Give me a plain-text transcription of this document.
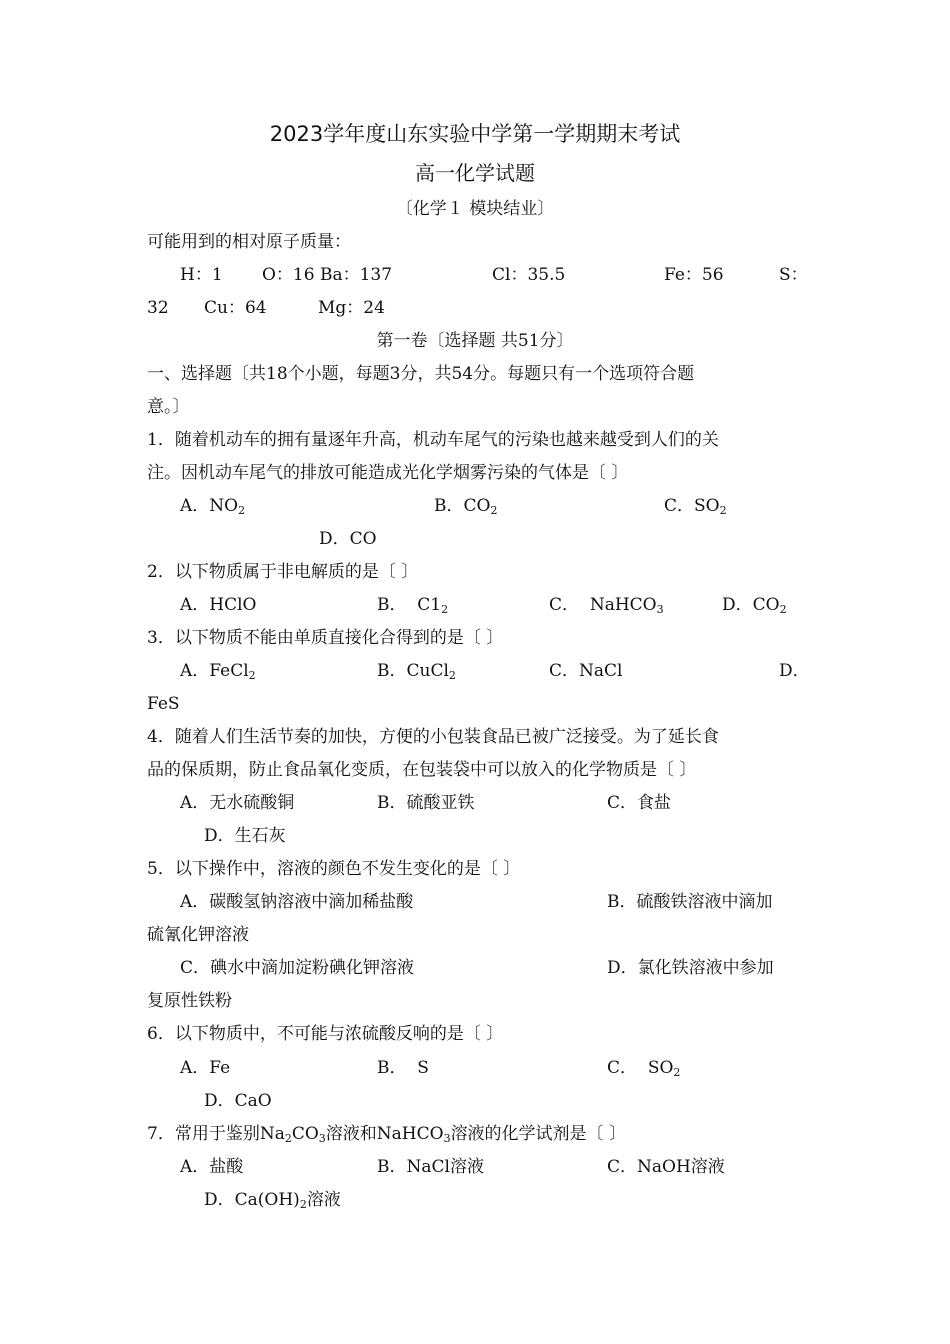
2023学年度山东实验中学第一学期期末考试
高一化学试题
〔化学１ 模块结业〕
可能用到的相对原子质量：
H：1 O：16 Ba：137	Cl：35.5	Fe：56	S：
32 Cu：64	Mg：24
第一卷〔选择题 共51分〕
一、选择题〔共18个小题，每题3分，共54分。每题只有一个选项符合题
意。〕
1．随着机动车的拥有量逐年升高，机动车尾气的污染也越来越受到人们的关
注。因机动车尾气的排放可能造成光化学烟雾污染的气体是〔 〕
A．$NO_2$	B．$CO_2$	C．$SO_2$
D．CO
2．以下物质属于非电解质的是〔 〕
A．HClO	B．  $C1_2$	C．  NaHCO$_3$	D．$CO_2$
3．以下物质不能由单质直接化合得到的是〔 〕
A．FeCl$_2$	B．CuCl$_2$	C．NaCl	D．
FeS
4．随着人们生活节奏的加快，方便的小包装食品已被广泛接受。为了延长食
品的保质期，防止食品氧化变质，在包装袋中可以放入的化学物质是〔 〕
A．无水硫酸铜	B．硫酸亚铁	C．食盐
D．生石灰
5．以下操作中，溶液的颜色不发生变化的是〔 〕
A．碳酸氢钠溶液中滴加稀盐酸	B．硫酸铁溶液中滴加
硫氰化钾溶液
C．碘水中滴加淀粉碘化钾溶液	D．氯化铁溶液中参加
复原性铁粉
6．以下物质中，不可能与浓硫酸反响的是〔 〕
A．Fe	B．  S	C．  $SO_2$
D．CaO
7．常用于鉴别$Na_2CO_3$溶液和NaHCO$_3$溶液的化学试剂是〔 〕
A．盐酸	B．NaCl溶液	C．NaOH溶液
D．$Ca(OH)_2$溶液
